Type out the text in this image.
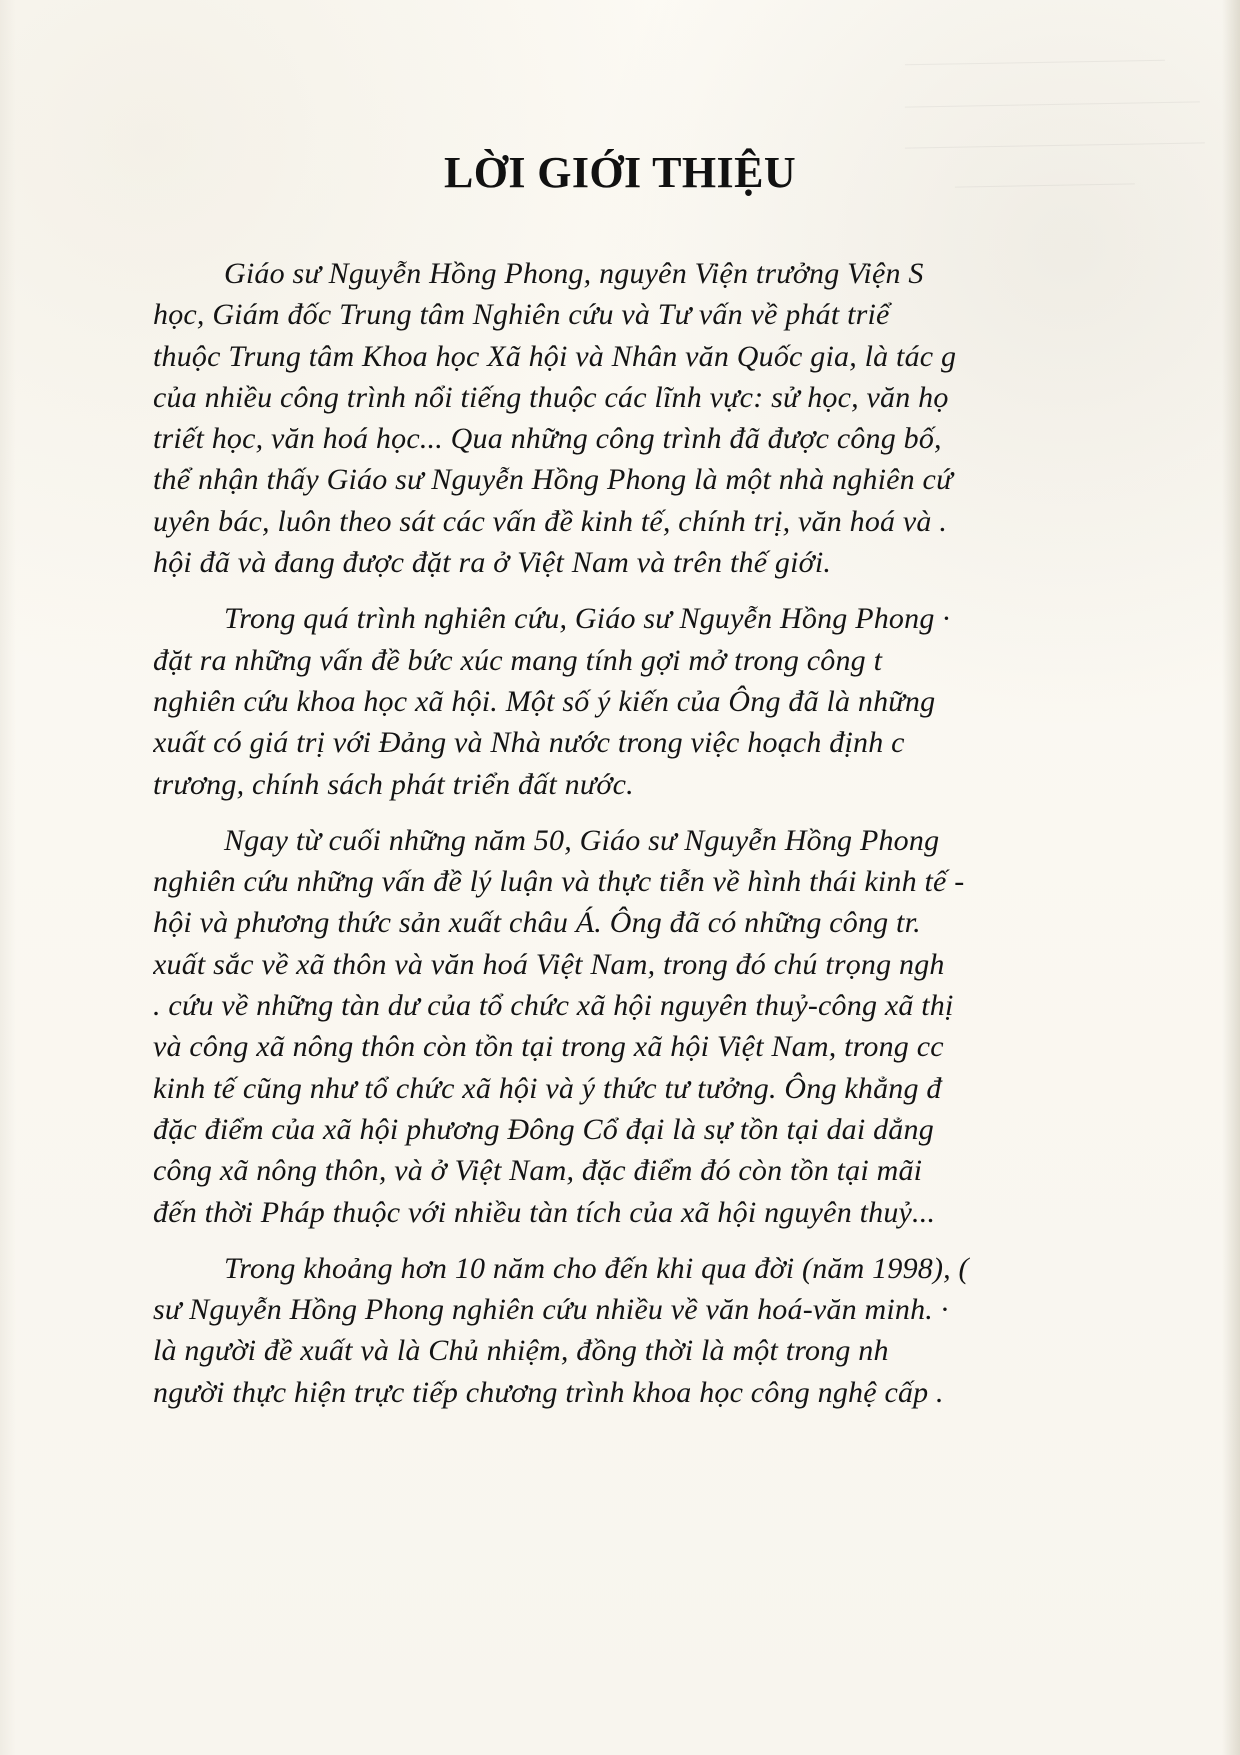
LỜI GIỚI THIỆU
Giáo sư Nguyễn Hồng Phong, nguyên Viện trưởng Viện S
học, Giám đốc Trung tâm Nghiên cứu và Tư vấn về phát triể
thuộc Trung tâm Khoa học Xã hội và Nhân văn Quốc gia, là tác g
của nhiều công trình nổi tiếng thuộc các lĩnh vực: sử học, văn họ
triết học, văn hoá học... Qua những công trình đã được công bố,
thể nhận thấy Giáo sư Nguyễn Hồng Phong là một nhà nghiên cứ
uyên bác, luôn theo sát các vấn đề kinh tế, chính trị, văn hoá và .
hội đã và đang được đặt ra ở Việt Nam và trên thế giới.
Trong quá trình nghiên cứu, Giáo sư Nguyễn Hồng Phong ·
đặt ra những vấn đề bức xúc mang tính gợi mở trong công t
nghiên cứu khoa học xã hội. Một số ý kiến của Ông đã là những
xuất có giá trị với Đảng và Nhà nước trong việc hoạch định c
trương, chính sách phát triển đất nước.
Ngay từ cuối những năm 50, Giáo sư Nguyễn Hồng Phong
nghiên cứu những vấn đề lý luận và thực tiễn về hình thái kinh tế -
hội và phương thức sản xuất châu Á. Ông đã có những công tr.
xuất sắc về xã thôn và văn hoá Việt Nam, trong đó chú trọng ngh
. cứu về những tàn dư của tổ chức xã hội nguyên thuỷ-công xã thị
và công xã nông thôn còn tồn tại trong xã hội Việt Nam, trong cc
kinh tế cũng như tổ chức xã hội và ý thức tư tưởng. Ông khẳng đ
đặc điểm của xã hội phương Đông Cổ đại là sự tồn tại dai dẳng
công xã nông thôn, và ở Việt Nam, đặc điểm đó còn tồn tại mãi
đến thời Pháp thuộc với nhiều tàn tích của xã hội nguyên thuỷ...
Trong khoảng hơn 10 năm cho đến khi qua đời (năm 1998), (
sư Nguyễn Hồng Phong nghiên cứu nhiều về văn hoá-văn minh. ·
là người đề xuất và là Chủ nhiệm, đồng thời là một trong nh
người thực hiện trực tiếp chương trình khoa học công nghệ cấp .
